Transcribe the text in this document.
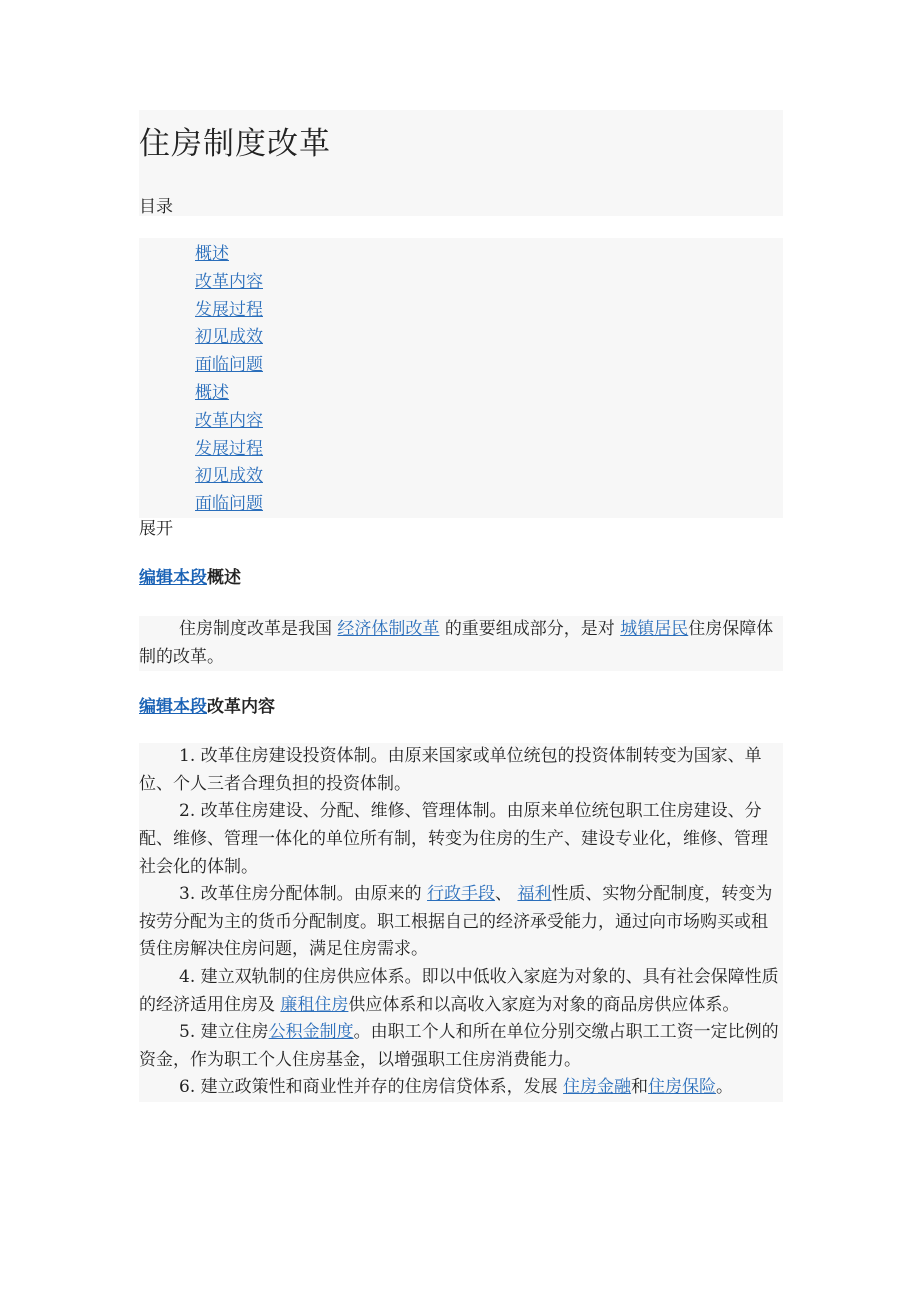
住房制度改革
目录
概述
改革内容
发展过程
初见成效
面临问题
概述
改革内容
发展过程
初见成效
面临问题
展开
编辑本段概述

住房制度改革是我国 经济体制改革 的重要组成部分，是对 城镇居民住房保障体制的改革。

编辑本段改革内容

1. 改革住房建设投资体制。由原来国家或单位统包的投资体制转变为国家、单位、个人三者合理负担的投资体制。

2. 改革住房建设、分配、维修、管理体制。由原来单位统包职工住房建设、分配、维修、管理一体化的单位所有制，转变为住房的生产、建设专业化，维修、管理社会化的体制。

3. 改革住房分配体制。由原来的 行政手段、 福利性质、实物分配制度，转变为按劳分配为主的货币分配制度。职工根据自己的经济承受能力，通过向市场购买或租赁住房解决住房问题，满足住房需求。

4. 建立双轨制的住房供应体系。即以中低收入家庭为对象的、具有社会保障性质的经济适用住房及 廉租住房供应体系和以高收入家庭为对象的商品房供应体系。

5. 建立住房公积金制度。由职工个人和所在单位分别交缴占职工工资一定比例的资金，作为职工个人住房基金，以增强职工住房消费能力。

6. 建立政策性和商业性并存的住房信贷体系，发展 住房金融和住房保险。
